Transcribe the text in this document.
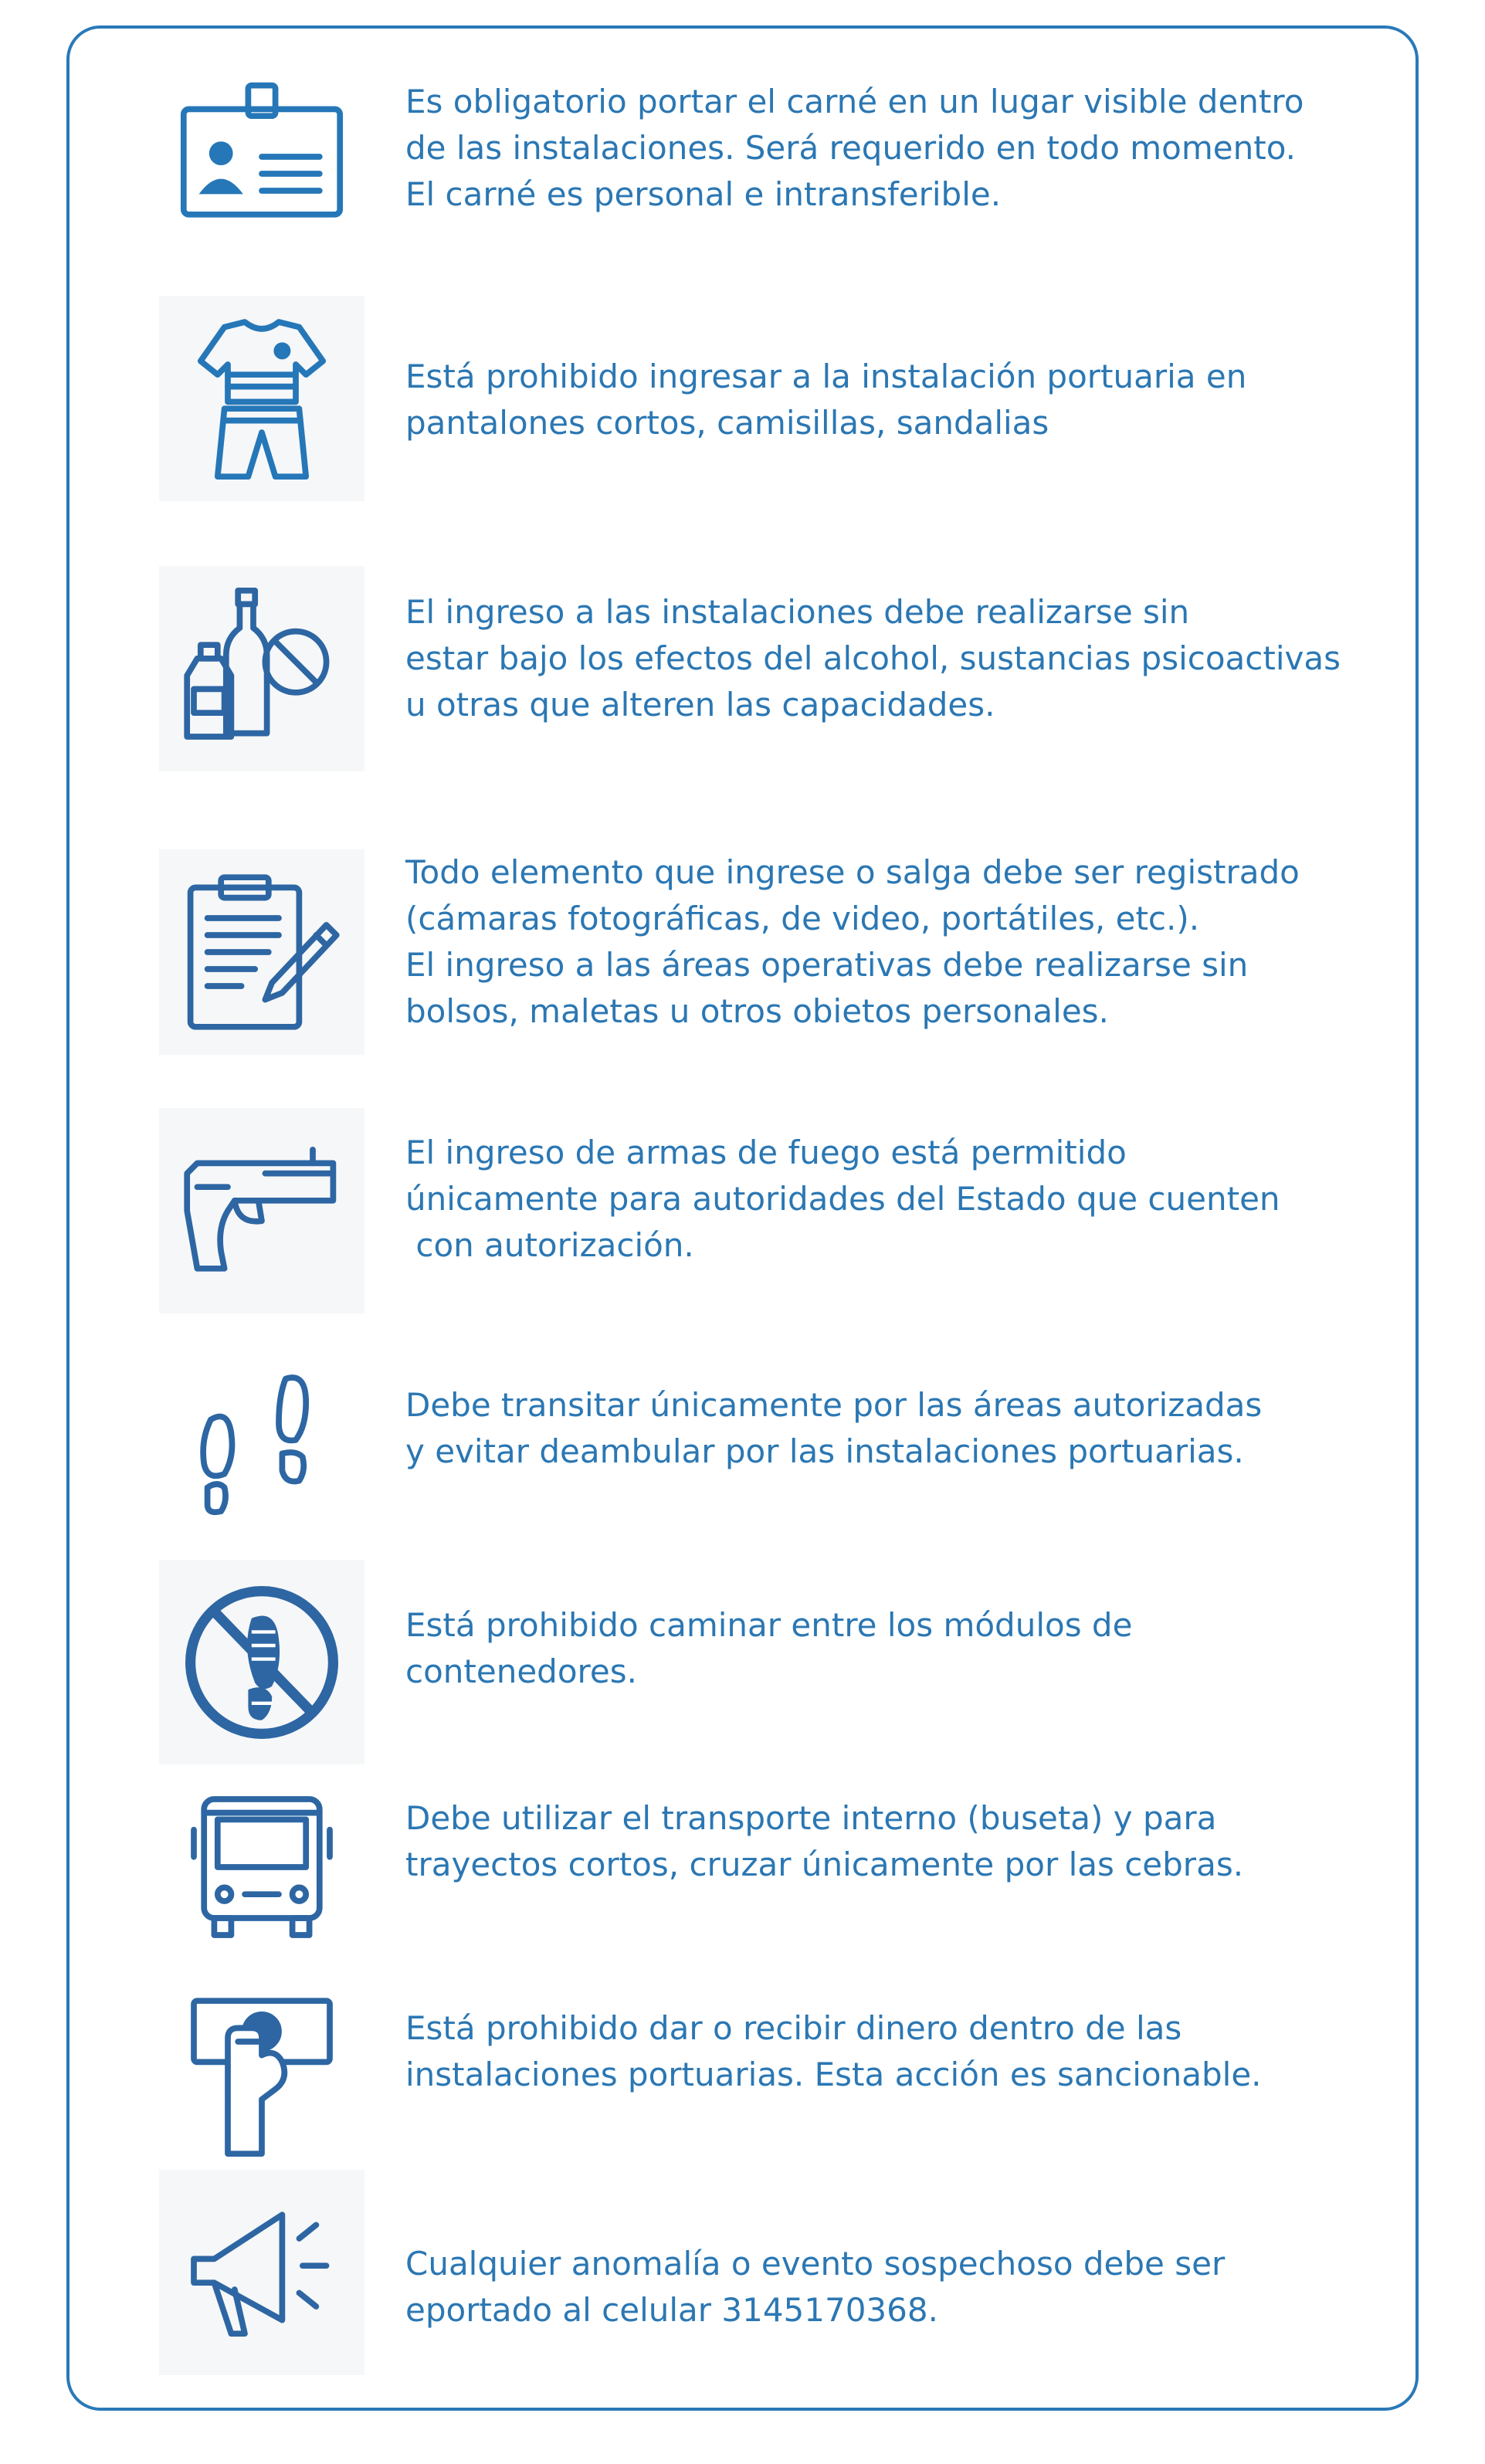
Es obligatorio portar el carné en un lugar visible dentro
de las instalaciones. Será requerido en todo momento.
El carné es personal e intransferible.
Está prohibido ingresar a la instalación portuaria en
pantalones cortos, camisillas, sandalias
El ingreso a las instalaciones debe realizarse sin
estar bajo los efectos del alcohol, sustancias psicoactivas
u otras que alteren las capacidades.
Todo elemento que ingrese o salga debe ser registrado
(cámaras fotográficas, de video, portátiles, etc.).
El ingreso a las áreas operativas debe realizarse sin
bolsos, maletas u otros obietos personales.
El ingreso de armas de fuego está permitido
únicamente para autoridades del Estado que cuenten
con autorización.
Debe transitar únicamente por las áreas autorizadas
y evitar deambular por las instalaciones portuarias.
Está prohibido caminar entre los módulos de
contenedores.
Debe utilizar el transporte interno (buseta) y para
trayectos cortos, cruzar únicamente por las cebras.
Está prohibido dar o recibir dinero dentro de las
instalaciones portuarias. Esta acción es sancionable.
Cualquier anomalía o evento sospechoso debe ser
eportado al celular 3145170368.
